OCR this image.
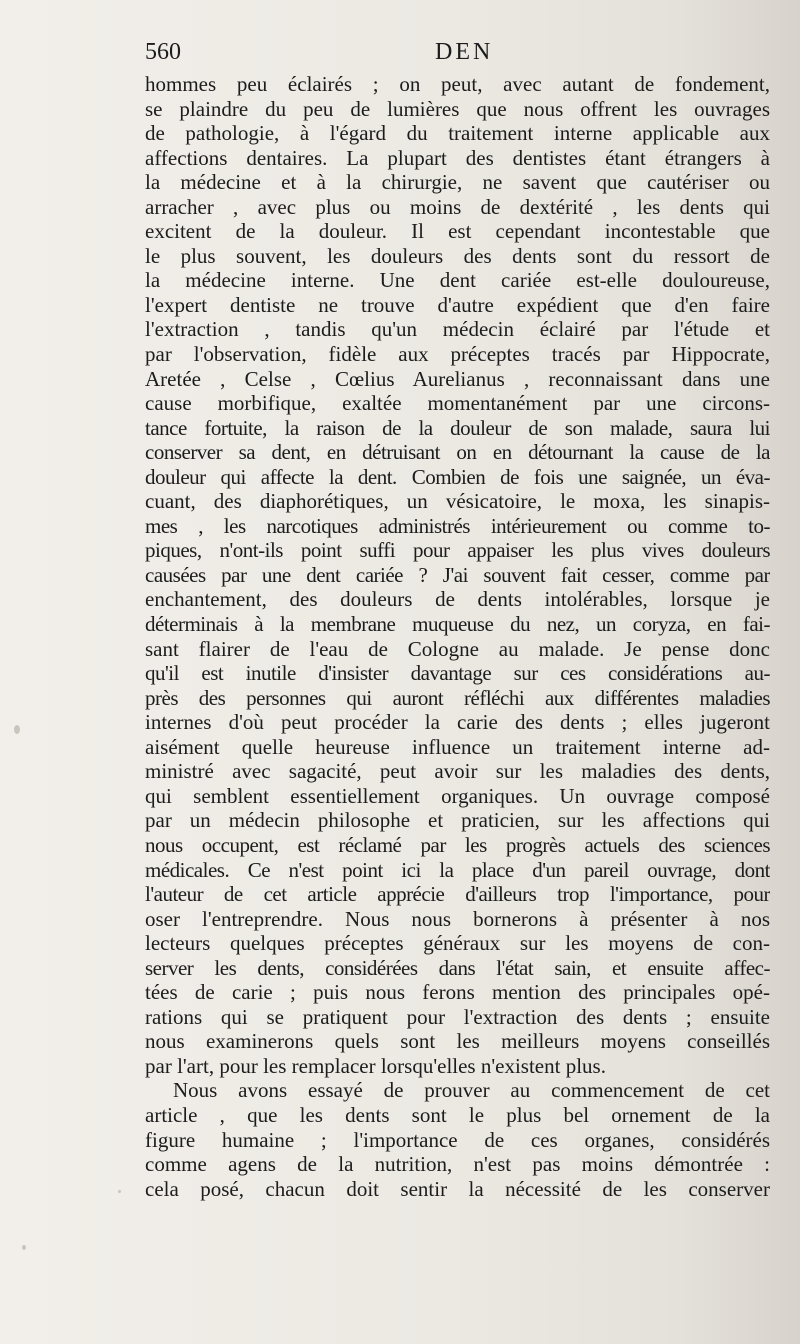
560	DEN
hommes peu éclairés ; on peut, avec autant de fondement,
se plaindre du peu de lumières que nous offrent les ouvrages
de pathologie, à l'égard du traitement interne applicable aux
affections dentaires. La plupart des dentistes étant étrangers à
la médecine et à la chirurgie, ne savent que cautériser ou
arracher , avec plus ou moins de dextérité , les dents qui
excitent de la douleur. Il est cependant incontestable que
le plus souvent, les douleurs des dents sont du ressort de
la médecine interne. Une dent cariée est-elle douloureuse,
l'expert dentiste ne trouve d'autre expédient que d'en faire
l'extraction , tandis qu'un médecin éclairé par l'étude et
par l'observation, fidèle aux préceptes tracés par Hippocrate,
Aretée , Celse , Cœlius Aurelianus , reconnaissant dans une
cause morbifique, exaltée momentanément par une circons-
tance fortuite, la raison de la douleur de son malade, saura lui
conserver sa dent, en détruisant on en détournant la cause de la
douleur qui affecte la dent. Combien de fois une saignée, un éva-
cuant, des diaphorétiques, un vésicatoire, le moxa, les sinapis-
mes , les narcotiques administrés intérieurement ou comme to-
piques, n'ont-ils point suffi pour appaiser les plus vives douleurs
causées par une dent cariée ? J'ai souvent fait cesser, comme par
enchantement, des douleurs de dents intolérables, lorsque je
déterminais à la membrane muqueuse du nez, un coryza, en fai-
sant flairer de l'eau de Cologne au malade. Je pense donc
qu'il est inutile d'insister davantage sur ces considérations au-
près des personnes qui auront réfléchi aux différentes maladies
internes d'où peut procéder la carie des dents ; elles jugeront
aisément quelle heureuse influence un traitement interne ad-
ministré avec sagacité, peut avoir sur les maladies des dents,
qui semblent essentiellement organiques. Un ouvrage composé
par un médecin philosophe et praticien, sur les affections qui
nous occupent, est réclamé par les progrès actuels des sciences
médicales. Ce n'est point ici la place d'un pareil ouvrage, dont
l'auteur de cet article apprécie d'ailleurs trop l'importance, pour
oser l'entreprendre. Nous nous bornerons à présenter à nos
lecteurs quelques préceptes généraux sur les moyens de con-
server les dents, considérées dans l'état sain, et ensuite affec-
tées de carie ; puis nous ferons mention des principales opé-
rations qui se pratiquent pour l'extraction des dents ; ensuite
nous examinerons quels sont les meilleurs moyens conseillés
par l'art, pour les remplacer lorsqu'elles n'existent plus.
Nous avons essayé de prouver au commencement de cet
article , que les dents sont le plus bel ornement de la
figure humaine ; l'importance de ces organes, considérés
comme agens de la nutrition, n'est pas moins démontrée :
cela posé, chacun doit sentir la nécessité de les conserver
